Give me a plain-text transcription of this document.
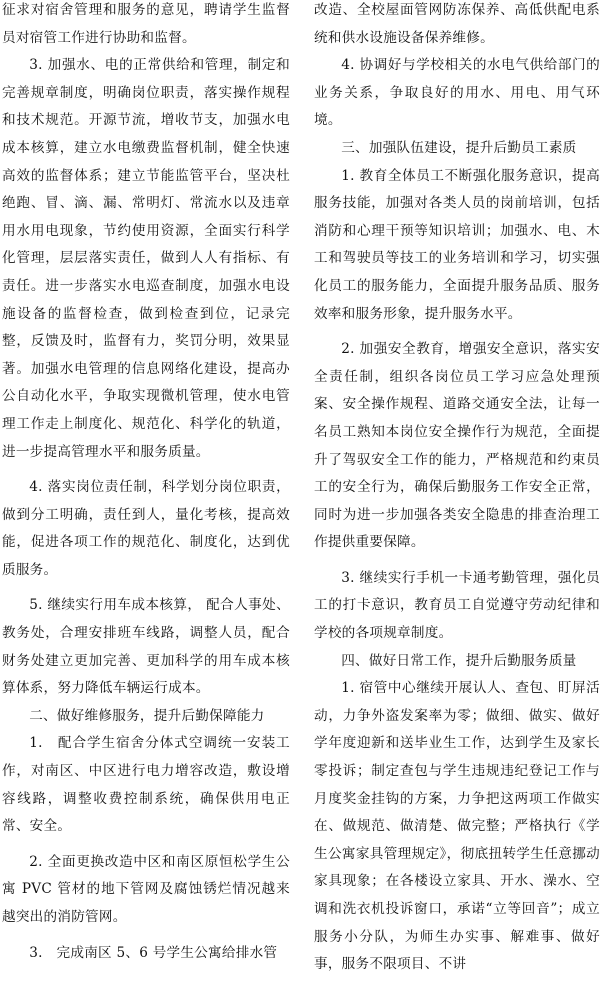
征求对宿舍管理和服务的意见，聘请学生监督员对宿管工作进行协助和监督。

3. 加强水、电的正常供给和管理，制定和完善规章制度，明确岗位职责，落实操作规程和技术规范。开源节流，增收节支，加强水电成本核算，建立水电缴费监督机制，健全快速高效的监督体系；建立节能监管平台，坚决杜绝跑、冒、滴、漏、常明灯、常流水以及违章用水用电现象，节约使用资源，全面实行科学化管理，层层落实责任，做到人人有指标、有责任。进一步落实水电巡查制度，加强水电设施设备的监督检查，做到检查到位，记录完整，反馈及时，监督有力，奖罚分明，效果显著。加强水电管理的信息网络化建设，提高办公自动化水平，争取实现微机管理，使水电管理工作走上制度化、规范化、科学化的轨道，进一步提高管理水平和服务质量。

4. 落实岗位责任制，科学划分岗位职责，做到分工明确，责任到人，量化考核，提高效能，促进各项工作的规范化、制度化，达到优质服务。

5. 继续实行用车成本核算， 配合人事处、教务处，合理安排班车线路，调整人员，配合财务处建立更加完善、更加科学的用车成本核算体系，努力降低车辆运行成本。

二、做好维修服务，提升后勤保障能力

1.　配合学生宿舍分体式空调统一安装工作，对南区、中区进行电力增容改造，敷设增容线路，调整收费控制系统，确保供用电正常、安全。

2. 全面更换改造中区和南区原恒松学生公寓 PVC 管材的地下管网及腐蚀锈烂情况越来越突出的消防管网。

3.　完成南区 5、6 号学生公寓给排水管

改造、全校屋面管网防冻保养、高低供配电系统和供水设施设备保养维修。

4. 协调好与学校相关的水电气供给部门的业务关系，争取良好的用水、用电、用气环境。

三、加强队伍建设，提升后勤员工素质

1. 教育全体员工不断强化服务意识，提高服务技能，加强对各类人员的岗前培训，包括消防和心理干预等知识培训；加强水、电、木工和驾驶员等技工的业务培训和学习，切实强化员工的服务能力，全面提升服务品质、服务效率和服务形象，提升服务水平。

2. 加强安全教育，增强安全意识，落实安全责任制，组织各岗位员工学习应急处理预案、安全操作规程、道路交通安全法，让每一名员工熟知本岗位安全操作行为规范，全面提升了驾驭安全工作的能力，严格规范和约束员工的安全行为，确保后勤服务工作安全正常， 同时为进一步加强各类安全隐患的排查治理工作提供重要保障。

3. 继续实行手机一卡通考勤管理，强化员工的打卡意识，教育员工自觉遵守劳动纪律和学校的各项规章制度。

四、做好日常工作，提升后勤服务质量

1. 宿管中心继续开展认人、查包、盯屏活动，力争外盗发案率为零；做细、做实、做好学年度迎新和送毕业生工作，达到学生及家长零投诉；制定查包与学生违规违纪登记工作与月度奖金挂钩的方案，力争把这两项工作做实在、做规范、做清楚、做完整；严格执行《学生公寓家具管理规定》，彻底扭转学生任意挪动家具现象；在各楼设立家具、开水、澡水、空调和洗衣机投诉窗口，承诺“立等回音”；成立服务小分队，为师生办实事、解难事、做好事，服务不限项目、不讲
